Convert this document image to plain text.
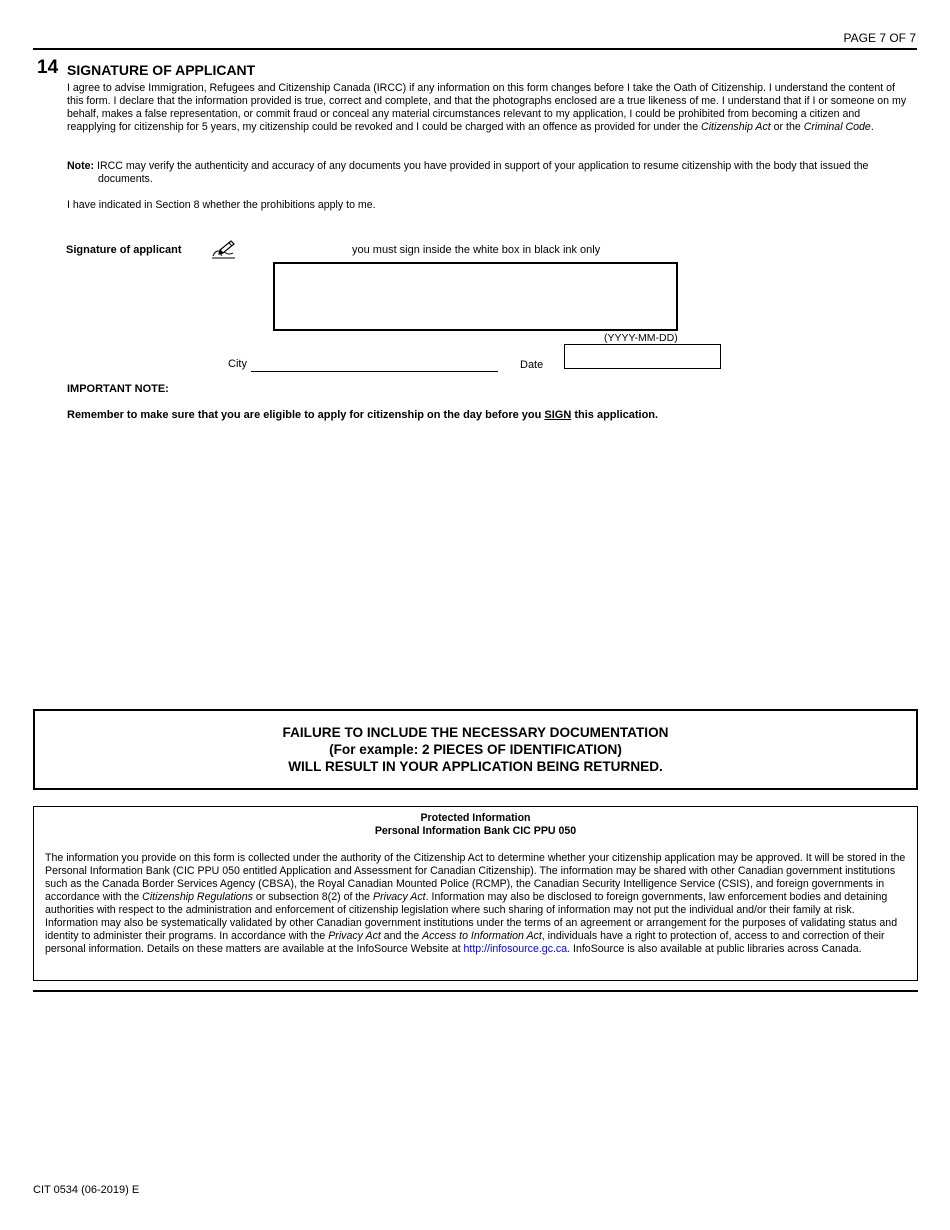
PAGE 7 OF 7
14 SIGNATURE OF APPLICANT

I agree to advise Immigration, Refugees and Citizenship Canada (IRCC) if any information on this form changes before I take the Oath of Citizenship. I understand the content of this form. I declare that the information provided is true, correct and complete, and that the photographs enclosed are a true likeness of me. I understand that if I or someone on my behalf, makes a false representation, or commit fraud or conceal any material circumstances relevant to my application, I could be prohibited from becoming a citizen and reapplying for citizenship for 5 years, my citizenship could be revoked and I could be charged with an offence as provided for under the Citizenship Act or the Criminal Code.

Note: IRCC may verify the authenticity and accuracy of any documents you have provided in support of your application to resume citizenship with the body that issued the
documents.

I have indicated in Section 8 whether the prohibitions apply to me.

Signature of applicant	you must sign inside the white box in black ink only
(YYYY-MM-DD)
City	Date
IMPORTANT NOTE:
Remember to make sure that you are eligible to apply for citizenship on the day before you SIGN this application.
FAILURE TO INCLUDE THE NECESSARY DOCUMENTATION
(For example: 2 PIECES OF IDENTIFICATION)
WILL RESULT IN YOUR APPLICATION BEING RETURNED.
Protected Information
Personal Information Bank CIC PPU 050

The information you provide on this form is collected under the authority of the Citizenship Act to determine whether your citizenship application may be approved. It will be stored in the Personal Information Bank (CIC PPU 050 entitled Application and Assessment for Canadian Citizenship). The information may be shared with other Canadian government institutions such as the Canada Border Services Agency (CBSA), the Royal Canadian Mounted Police (RCMP), the Canadian Security Intelligence Service (CSIS), and foreign governments in accordance with the Citizenship Regulations or subsection 8(2) of the Privacy Act. Information may also be disclosed to foreign governments, law enforcement bodies and detaining authorities with respect to the administration and enforcement of citizenship legislation where such sharing of information may not put the individual and/or their family at risk. Information may also be systematically validated by other Canadian government institutions under the terms of an agreement or arrangement for the purposes of validating status and identity to administer their programs. In accordance with the Privacy Act and the Access to Information Act, individuals have a right to protection of, access to and correction of their personal information. Details on these matters are available at the InfoSource Website at http://infosource.gc.ca. InfoSource is also available at public libraries across Canada.

CIT 0534 (06-2019) E
